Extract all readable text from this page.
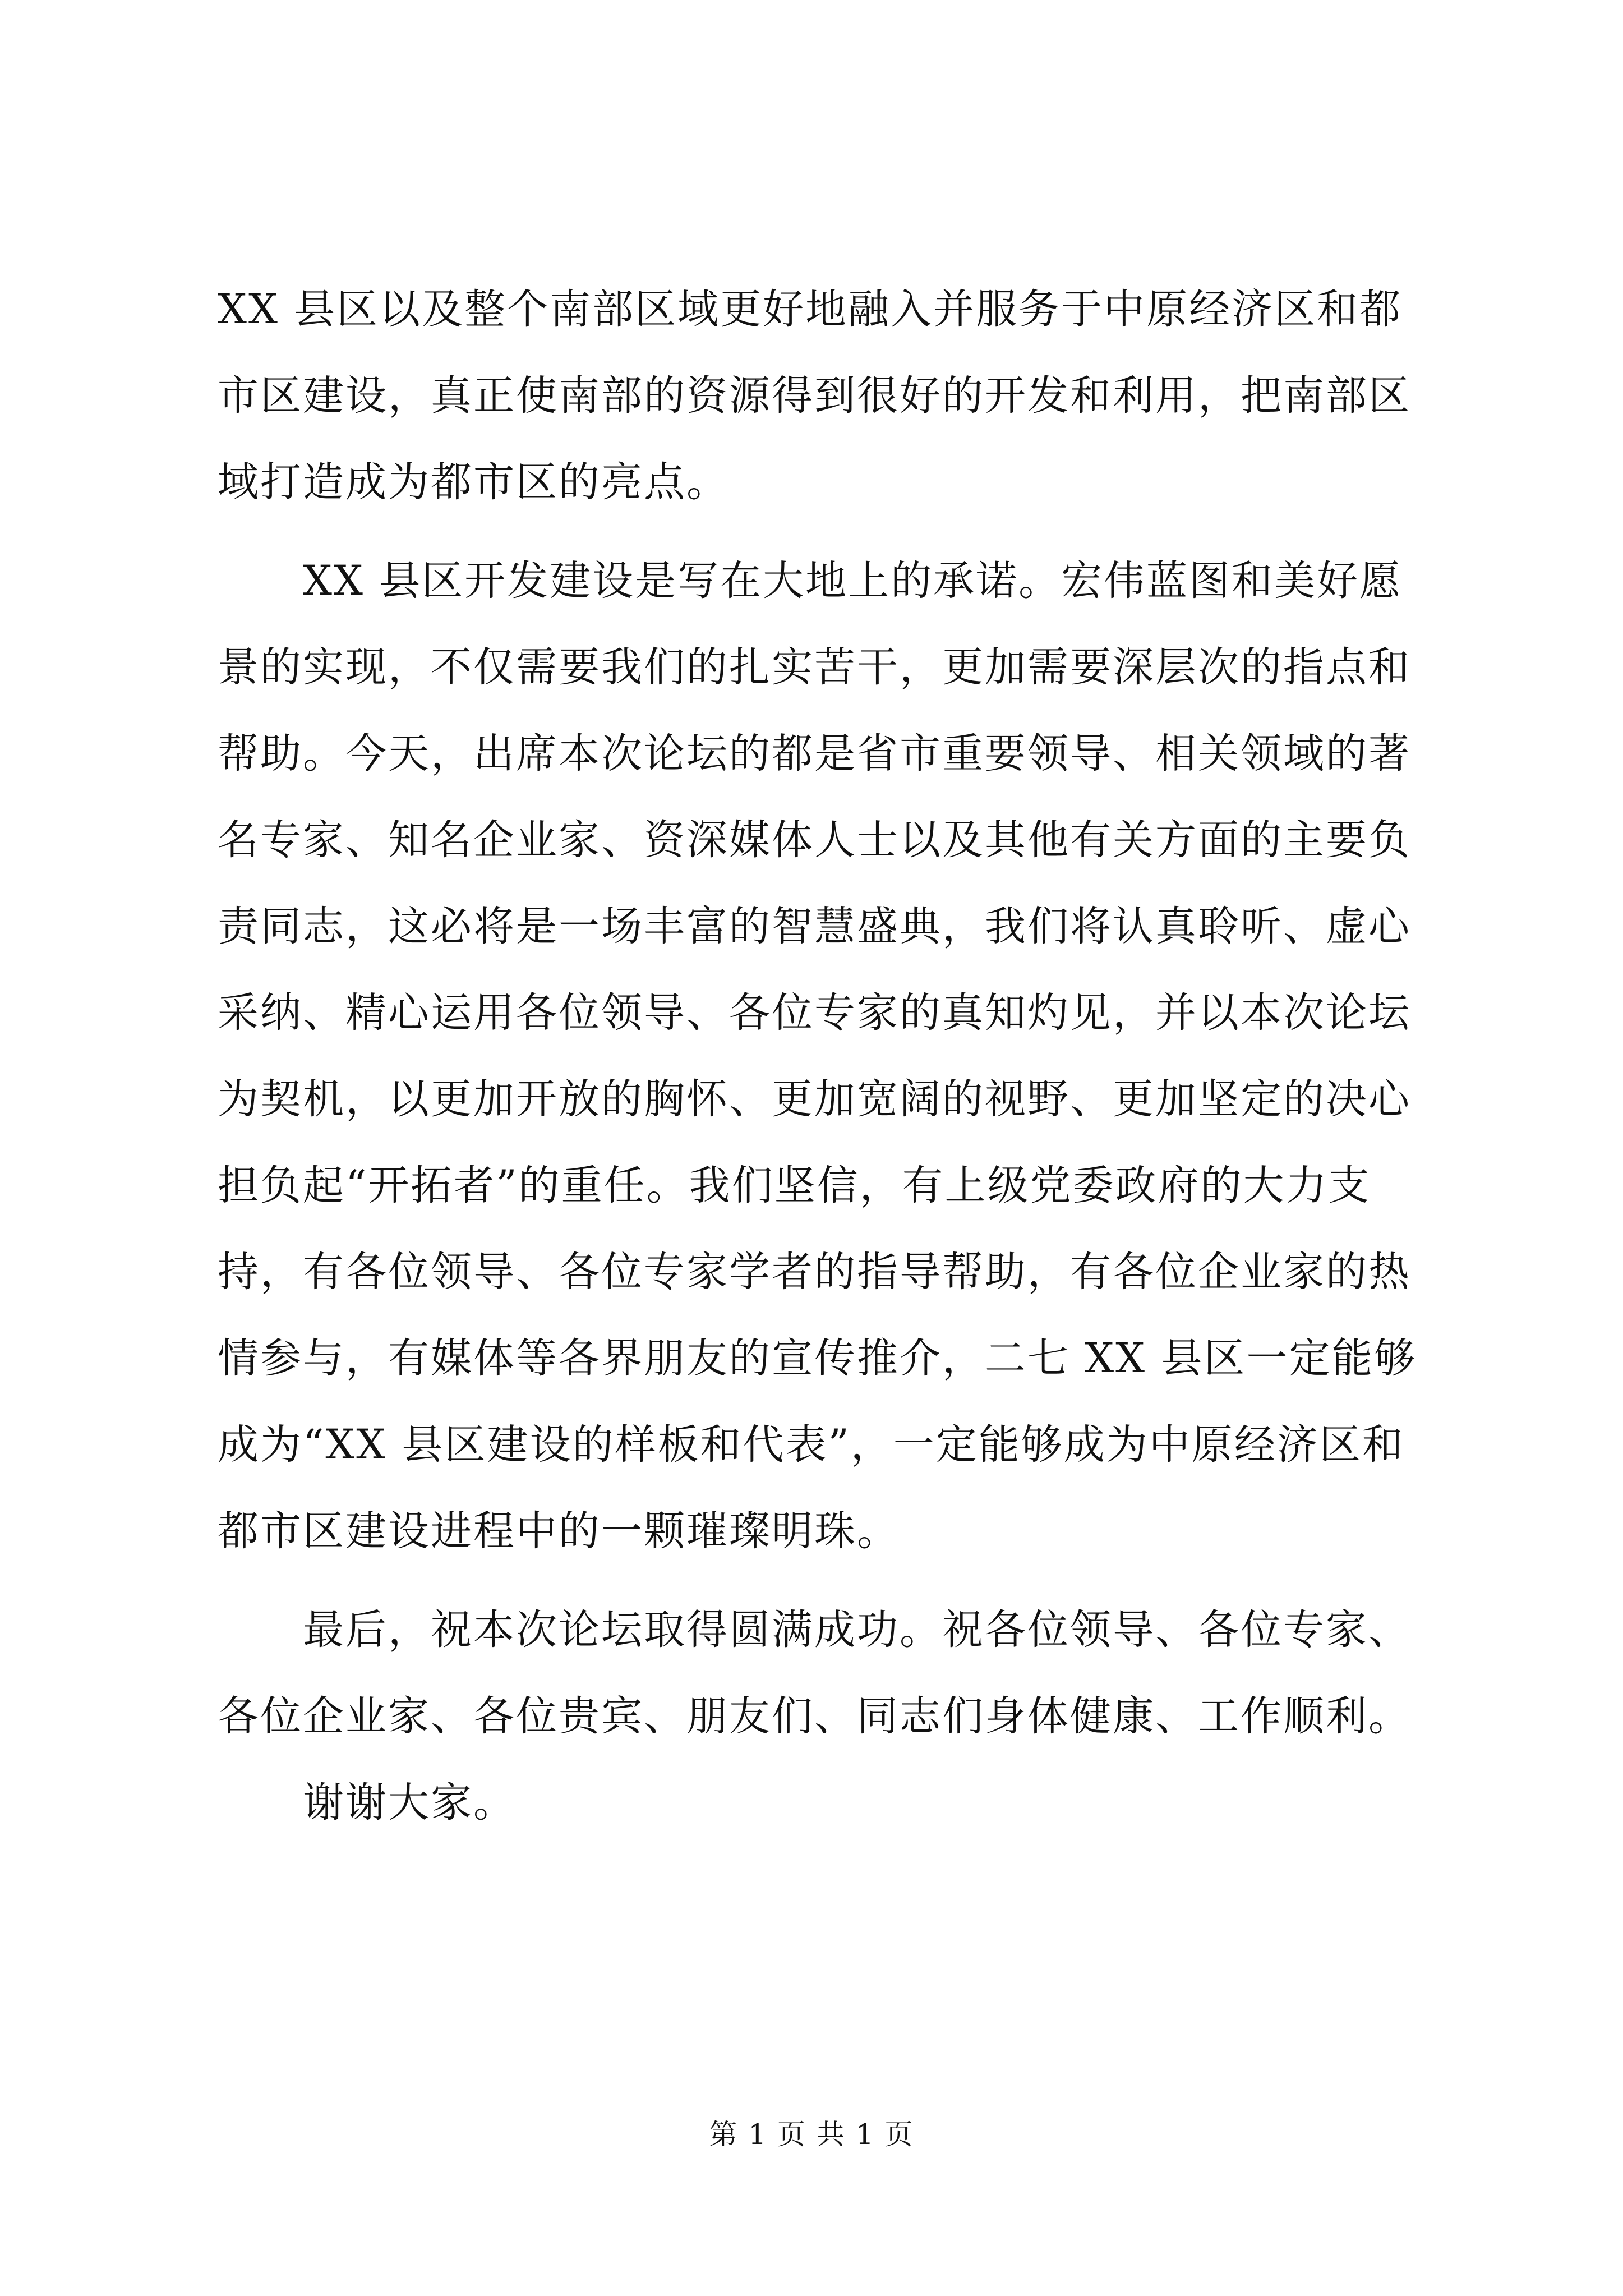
XX 县区以及整个南部区域更好地融入并服务于中原经济区和都
市区建设，真正使南部的资源得到很好的开发和利用，把南部区
域打造成为都市区的亮点。
　　XX 县区开发建设是写在大地上的承诺。宏伟蓝图和美好愿
景的实现，不仅需要我们的扎实苦干，更加需要深层次的指点和
帮助。今天，出席本次论坛的都是省市重要领导、相关领域的著
名专家、知名企业家、资深媒体人士以及其他有关方面的主要负
责同志，这必将是一场丰富的智慧盛典，我们将认真聆听、虚心
采纳、精心运用各位领导、各位专家的真知灼见，并以本次论坛
为契机，以更加开放的胸怀、更加宽阔的视野、更加坚定的决心
担负起“开拓者”的重任。我们坚信，有上级党委政府的大力支
持，有各位领导、各位专家学者的指导帮助，有各位企业家的热
情参与，有媒体等各界朋友的宣传推介，二七 XX 县区一定能够
成为“XX 县区建设的样板和代表”，一定能够成为中原经济区和
都市区建设进程中的一颗璀璨明珠。
　　最后，祝本次论坛取得圆满成功。祝各位领导、各位专家、
各位企业家、各位贵宾、朋友们、同志们身体健康、工作顺利。
　　谢谢大家。
第 1 页 共 1 页
